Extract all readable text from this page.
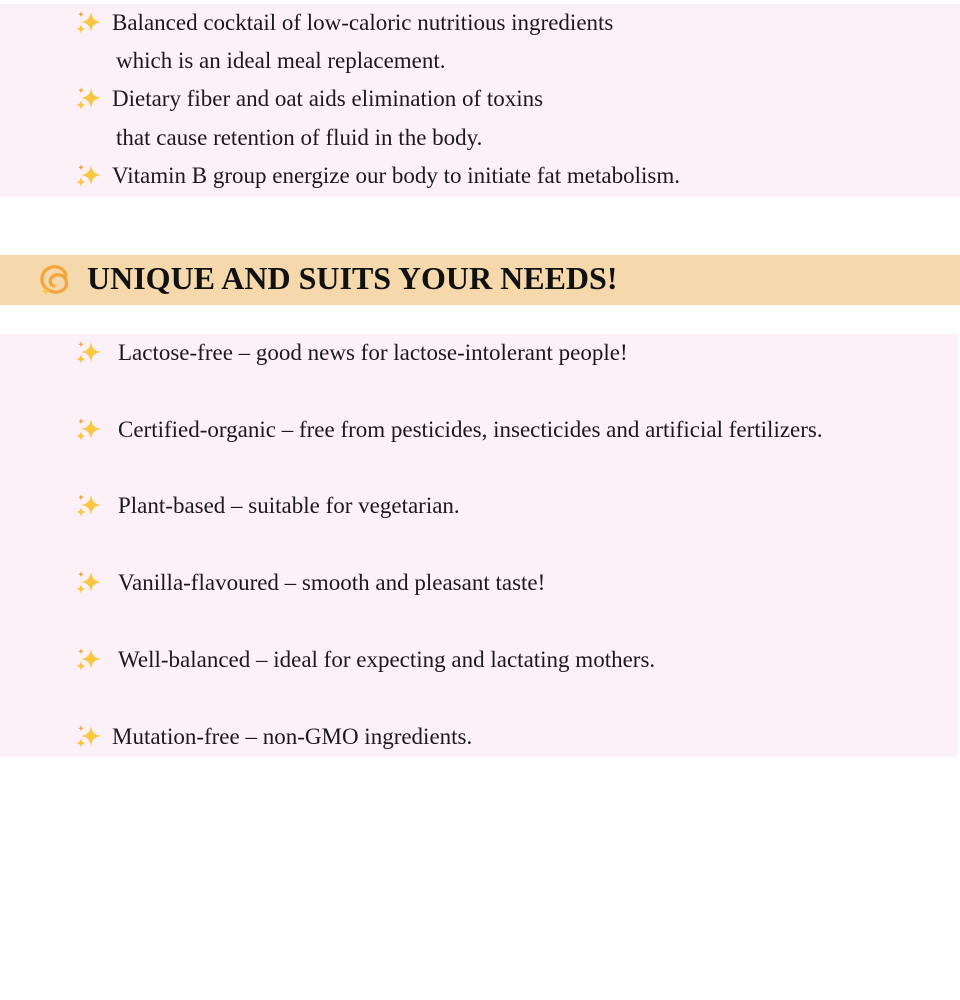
Balanced cocktail of low-caloric nutritious ingredients
which is an ideal meal replacement.
Dietary fiber and oat aids elimination of toxins
that cause retention of fluid in the body.
Vitamin B group energize our body to initiate fat metabolism.
UNIQUE AND SUITS YOUR NEEDS!
Lactose-free – good news for lactose-intolerant people!
Certified-organic – free from pesticides, insecticides and artificial fertilizers.
Plant-based – suitable for vegetarian.
Vanilla-flavoured – smooth and pleasant taste!
Well-balanced – ideal for expecting and lactating mothers.
Mutation-free – non-GMO ingredients.
